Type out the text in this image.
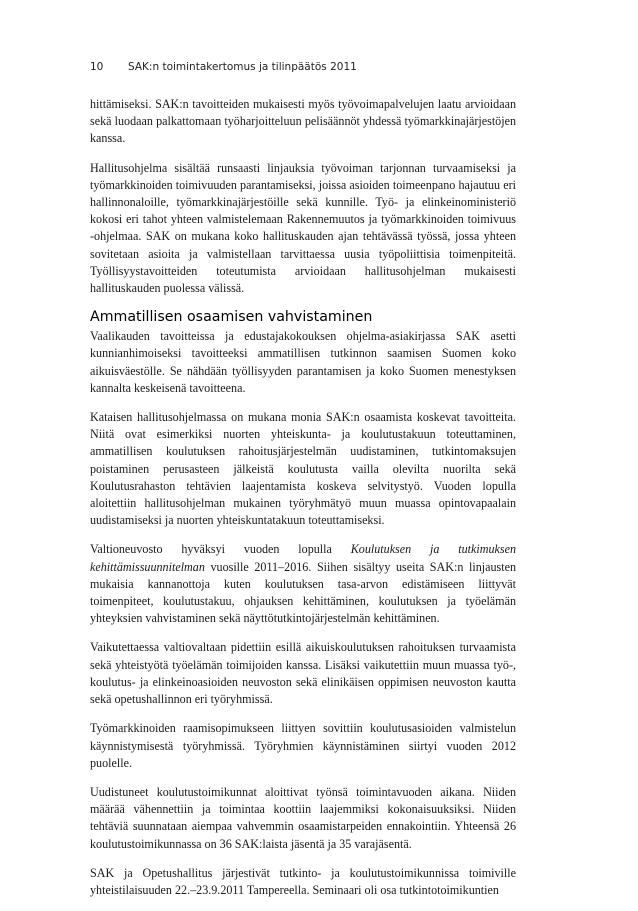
10 SAK:n toimintakertomus ja tilinpäätös 2011

hittämiseksi. SAK:n tavoitteiden mukaisesti myös työvoimapalvelujen laatu arvioidaan sekä luodaan palkattomaan työharjoitteluun pelisäännöt yhdessä työmarkkinajärjestöjen kanssa.

Hallitusohjelma sisältää runsaasti linjauksia työvoiman tarjonnan turvaamiseksi ja työmarkkinoiden toimivuuden parantamiseksi, joissa asioiden toimeenpano hajautuu eri hallinnonaloille, työmarkkinajärjestöille sekä kunnille. Työ- ja elinkeinoministeriö kokosi eri tahot yhteen valmistelemaan Rakennemuutos ja työmarkkinoiden toimivuus -ohjelmaa. SAK on mukana koko hallituskauden ajan tehtävässä työssä, jossa yhteen sovitetaan asioita ja valmistellaan tarvittaessa uusia työpoliittisia toimenpiteitä. Työllisyystavoitteiden toteutumista arvioidaan hallitusohjelman mukaisesti hallituskauden puolessa välissä.

Ammatillisen osaamisen vahvistaminen

Vaalikauden tavoitteissa ja edustajakokouksen ohjelma-asiakirjassa SAK asetti kunnianhimoiseksi tavoitteeksi ammatillisen tutkinnon saamisen Suomen koko aikuisväestölle. Se nähdään työllisyyden parantamisen ja koko Suomen menestyksen kannalta keskeisenä tavoitteena.

Kataisen hallitusohjelmassa on mukana monia SAK:n osaamista koskevat tavoitteita. Niitä ovat esimerkiksi nuorten yhteiskunta- ja koulutustakuun toteuttaminen, ammatillisen koulutuksen rahoitusjärjestelmän uudistaminen, tutkintomaksujen poistaminen perusasteen jälkeistä koulutusta vailla olevilta nuorilta sekä Koulutusrahaston tehtävien laajentamista koskeva selvitystyö. Vuoden lopulla aloitettiin hallitusohjelman mukainen työryhmätyö muun muassa opintovapaalain uudistamiseksi ja nuorten yhteiskuntatakuun toteuttamiseksi.

Valtioneuvosto hyväksyi vuoden lopulla Koulutuksen ja tutkimuksen kehittämissuunnitelman vuosille 2011–2016. Siihen sisältyy useita SAK:n linjausten mukaisia kannanottoja kuten koulutuksen tasa-arvon edistämiseen liittyvät toimenpiteet, koulutustakuu, ohjauksen kehittäminen, koulutuksen ja työelämän yhteyksien vahvistaminen sekä näyttötutkintojärjestelmän kehittäminen.

Vaikutettaessa valtiovaltaan pidettiin esillä aikuiskoulutuksen rahoituksen turvaamista sekä yhteistyötä työelämän toimijoiden kanssa. Lisäksi vaikutettiin muun muassa työ-, koulutus- ja elinkeinoasioiden neuvoston sekä elinikäisen oppimisen neuvoston kautta sekä opetushallinnon eri työryhmissä.

Työmarkkinoiden raamisopimukseen liittyen sovittiin koulutusasioiden valmistelun käynnistymisestä työryhmissä. Työryhmien käynnistäminen siirtyi vuoden 2012 puolelle.

Uudistuneet koulutustoimikunnat aloittivat työnsä toimintavuoden aikana. Niiden määrää vähennettiin ja toimintaa koottiin laajemmiksi kokonaisuuksiksi. Niiden tehtäviä suunnataan aiempaa vahvemmin osaamistarpeiden ennakointiin. Yhteensä 26 koulutustoimikunnassa on 36 SAK:laista jäsentä ja 35 varajäsentä.

SAK ja Opetushallitus järjestivät tutkinto- ja koulutustoimikunnissa toimiville yhteistilaisuuden 22.–23.9.2011 Tampereella. Seminaari oli osa tutkintotoimikuntien
